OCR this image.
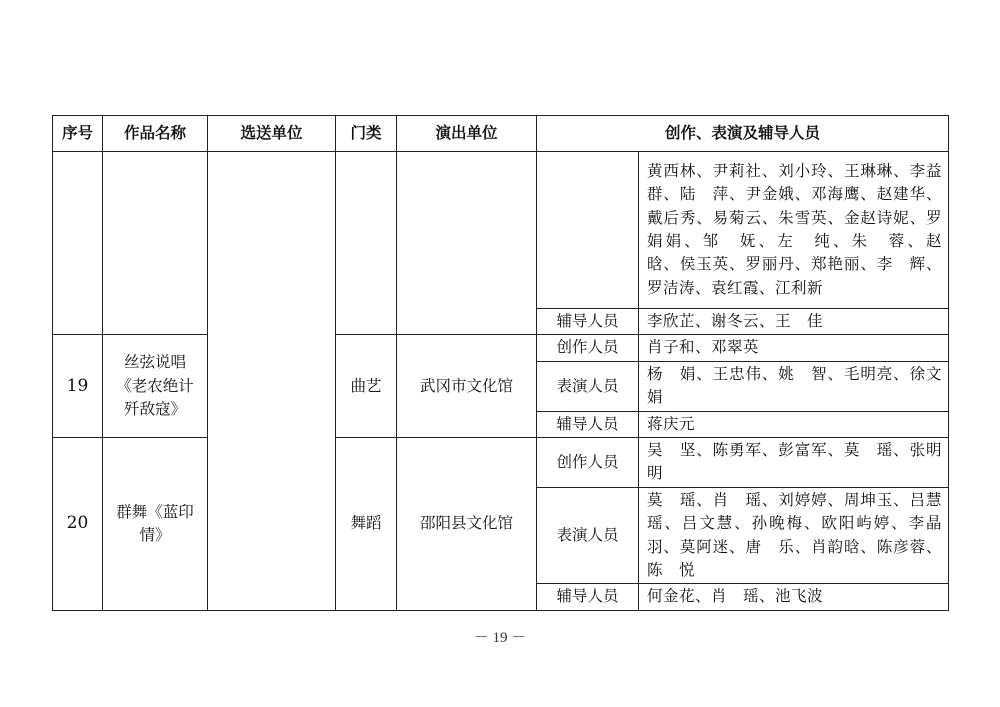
序号	作品名称	选送单位	门类	演出单位	创作、表演及辅导人员	
						黄西林、尹莉社、刘小玲、王琳琳、李益群、陆　萍、尹金娥、邓海鹰、赵建华、戴后秀、易菊云、朱雪英、金赵诗妮、罗娟娟、邹　妩、左　纯、朱　蓉、赵　晗、侯玉英、罗丽丹、郑艳丽、李　辉、罗洁涛、袁红霞、江利新
					辅导人员	李欣芷、谢冬云、王　佳
19	丝弦说唱《老农绝计歼敌寇》		曲艺	武冈市文化馆	创作人员	肖子和、邓翠英
					表演人员	杨　娟、王忠伟、姚　智、毛明亮、徐文娟
					辅导人员	蒋庆元
20	群舞《蓝印情》		舞蹈	邵阳县文化馆	创作人员	吴　坚、陈勇军、彭富军、莫　瑶、张明明
					表演人员	莫　瑶、肖　瑶、刘婷婷、周坤玉、吕慧瑶、吕文慧、孙晚梅、欧阳屿婷、李晶羽、莫阿迷、唐　乐、肖韵晗、陈彦蓉、陈　悦
					辅导人员	何金花、肖　瑶、池飞波
－ 19 －
